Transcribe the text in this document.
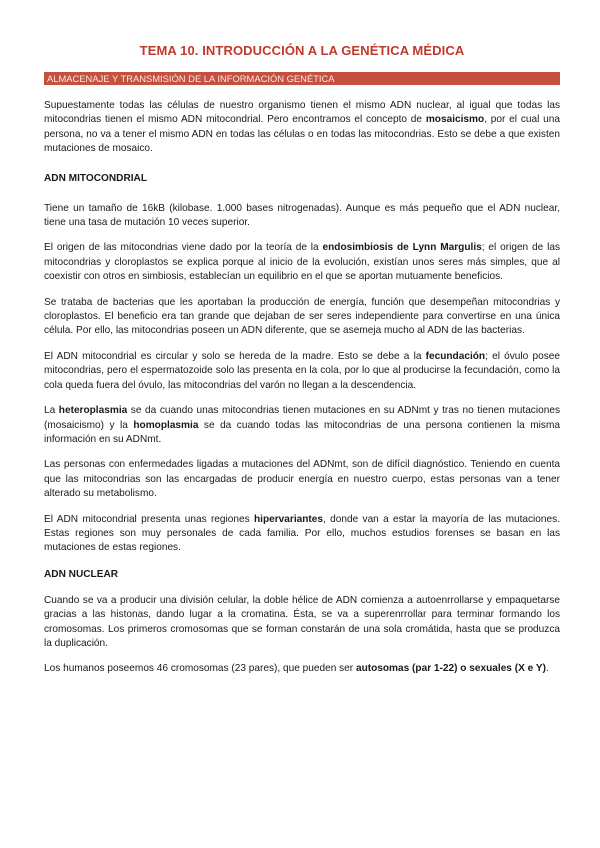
TEMA 10. INTRODUCCIÓN A LA GENÉTICA MÉDICA
ALMACENAJE Y TRANSMISIÓN DE LA INFORMACIÓN GENÉTICA

Supuestamente todas las células de nuestro organismo tienen el mismo ADN nuclear, al igual que todas las mitocondrias tienen el mismo ADN mitocondrial. Pero encontramos el concepto de mosaicismo, por el cual una persona, no va a tener el mismo ADN en todas las células o en todas las mitocondrias. Esto se debe a que existen mutaciones de mosaico.

ADN MITOCONDRIAL

Tiene un tamaño de 16kB (kilobase. 1.000 bases nitrogenadas). Aunque es más pequeño que el ADN nuclear, tiene una tasa de mutación 10 veces superior.

El origen de las mitocondrias viene dado por la teoría de la endosimbiosis de Lynn Margulis; el origen de las mitocondrias y cloroplastos se explica porque al inicio de la evolución, existían unos seres más simples, que al coexistir con otros en simbiosis, establecían un equilibrio en el que se aportan mutuamente beneficios.

Se trataba de bacterias que les aportaban la producción de energía, función que desempeñan mitocondrias y cloroplastos. El beneficio era tan grande que dejaban de ser seres independiente para convertirse en una única célula. Por ello, las mitocondrias poseen un ADN diferente, que se asemeja mucho al ADN de las bacterias.

El ADN mitocondrial es circular y solo se hereda de la madre. Esto se debe a la fecundación; el óvulo posee mitocondrias, pero el espermatozoide solo las presenta en la cola, por lo que al producirse la fecundación, como la cola queda fuera del óvulo, las mitocondrias del varón no llegan a la descendencia.

La heteroplasmia se da cuando unas mitocondrias tienen mutaciones en su ADNmt y tras no tienen mutaciones (mosaicismo) y la homoplasmia se da cuando todas las mitocondrias de una persona contienen la misma información en su ADNmt.

Las personas con enfermedades ligadas a mutaciones del ADNmt, son de difícil diagnóstico. Teniendo en cuenta que las mitocondrias son las encargadas de producir energía en nuestro cuerpo, estas personas van a tener alterado su metabolismo.

El ADN mitocondrial presenta unas regiones hipervariantes, donde van a estar la mayoría de las mutaciones. Estas regiones son muy personales de cada familia. Por ello, muchos estudios forenses se basan en las mutaciones de estas regiones.

ADN NUCLEAR

Cuando se va a producir una división celular, la doble hélice de ADN comienza a autoenrrollarse y empaquetarse gracias a las histonas, dando lugar a la cromatina. Ésta, se va a superenrrollar para terminar formando los cromosomas. Los primeros cromosomas que se forman constarán de una sola cromátida, hasta que se produzca la duplicación.

Los humanos poseemos 46 cromosomas (23 pares), que pueden ser autosomas (par 1-22) o sexuales (X e Y).
